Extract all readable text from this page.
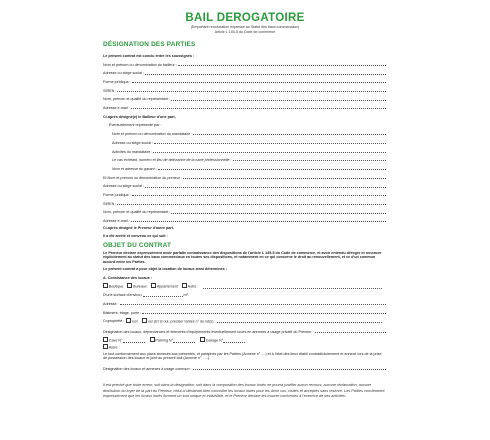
BAIL DEROGATOIRE
(Emportant renonciation expresse au Statut des baux commerciaux)
Article L 145-5 du Code de commerce
DÉSIGNATION DES PARTIES
Le présent contrat est conclu entre les soussignés :
Nom et prénom ou dénomination du bailleur :
Adresse ou siège social :
Forme juridique :
SIREN :
Nom, prénom et qualité du représentant :
Adresse e-mail :
Ci-après désigné(e) le Bailleur d'une part,
Éventuellement représenté par :
Nom et prénom ou dénomination du mandataire :
Adresse ou siège social :
Activités du mandataire :
Le cas échéant, numéro et lieu de délivrance de la carte professionnelle :
Nom et adresse du garant :
Et Nom et prénom ou dénomination du preneur :
Adresse ou siège social :
Forme juridique :
SIREN :
Nom, prénom et qualité du représentant :
Adresse e-mail :
Ci-après désigné le Preneur d'autre part.
Il a été arrêté et convenu ce qui suit :
OBJET DU CONTRAT
Le Preneur déclare expressément avoir parfaite connaissance des dispositions de l'article L 145-5 du Code de commerce, et avoir entendu déroger et renoncer explicitement au statut des baux commerciaux en toutes ses dispositions, et notamment en ce qui concerne le droit au renouvellement, et ce d'un commun accord entre les Parties.
Le présent contrat a pour objet la location de locaux ainsi déterminés :
A. Consistance des locaux :
Boutique	Bureaux	Appartement	Autre :
D'une surface d'environ	m².
Adresse :
Bâtiment, étage, porte :
Copropriété :	non	oui (Et si oui, préciser tantes n° de lot(s) :
Désignation des locaux, dépendances et éléments d'équipements éventuellement loués en annexes à usage privatif du Preneur :
Cave N°	Parking N°	Garage N°
Autre :
Le tout conformément aux plans annexés aux présentes, et paraphés par les Parties (Annexe n° ....) et à l'état des lieux établi contradictoirement et annexé lors de la prise de possession des locaux et joint au présent bail (Annexe n° .....).
Désignation des locaux et annexes à usage commun :
Il est précisé que toute erreur, soit dans la désignation, soit dans la composition des locaux loués ne pourra justifier aucun recours, aucune réclamation, aucune diminution du loyer de la part du Preneur, celui-ci déclarant bien connaître les locaux loués pour les avoir vus, visités et acceptés sans réserve. Les Parties conviennent expressément que les locaux loués forment un tout unique et indivisible, et le Preneur déclare les trouver conformes à l'exercice de ses activités.
